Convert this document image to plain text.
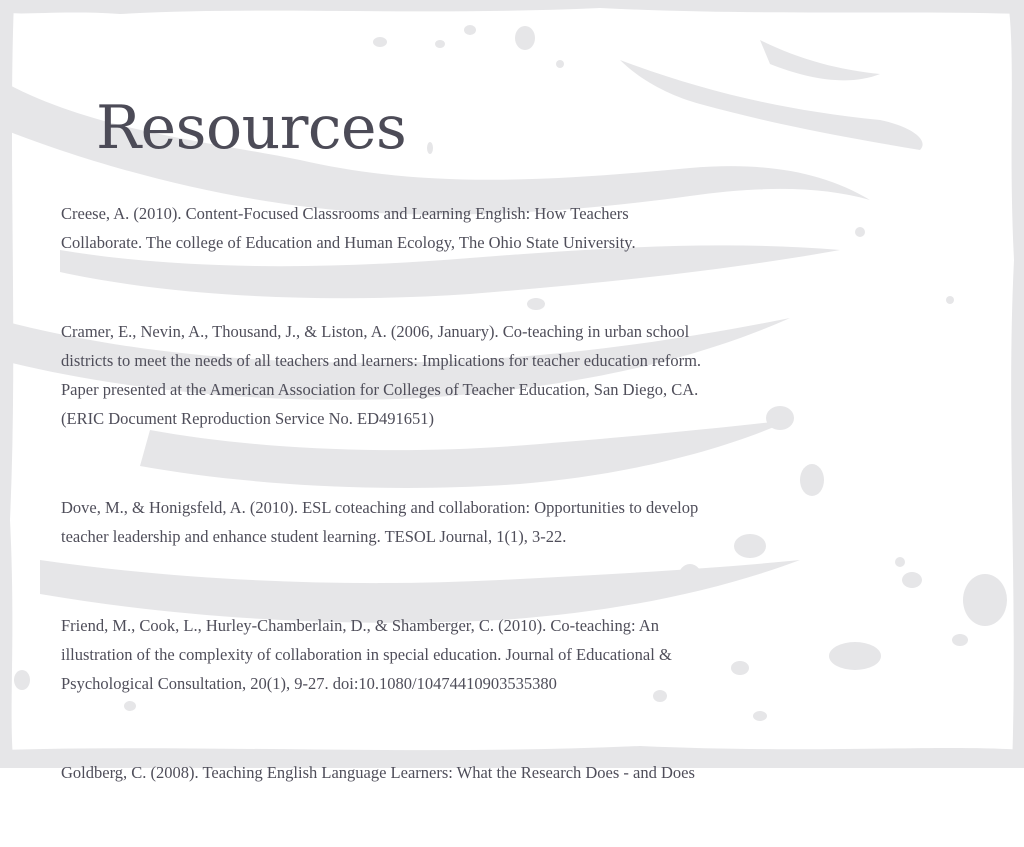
Resources
Creese, A. (2010). Content-Focused Classrooms and Learning English: How Teachers
Collaborate. The college of Education and Human Ecology, The Ohio State University.
Cramer, E., Nevin, A., Thousand, J., & Liston, A. (2006, January). Co-teaching in urban school
districts to meet the needs of all teachers and learners: Implications for teacher education reform.
Paper presented at the American Association for Colleges of Teacher Education, San Diego, CA.
(ERIC Document Reproduction Service No. ED491651)
Dove, M., & Honigsfeld, A. (2010). ESL coteaching and collaboration: Opportunities to develop
teacher leadership and enhance student learning. TESOL Journal, 1(1), 3-22.
Friend, M., Cook, L., Hurley-Chamberlain, D., & Shamberger, C. (2010). Co-teaching: An
illustration of the complexity of collaboration in special education. Journal of Educational &
Psychological Consultation, 20(1), 9-27. doi:10.1080/10474410903535380
Goldberg, C. (2008). Teaching English Language Learners: What the Research Does - and Does
